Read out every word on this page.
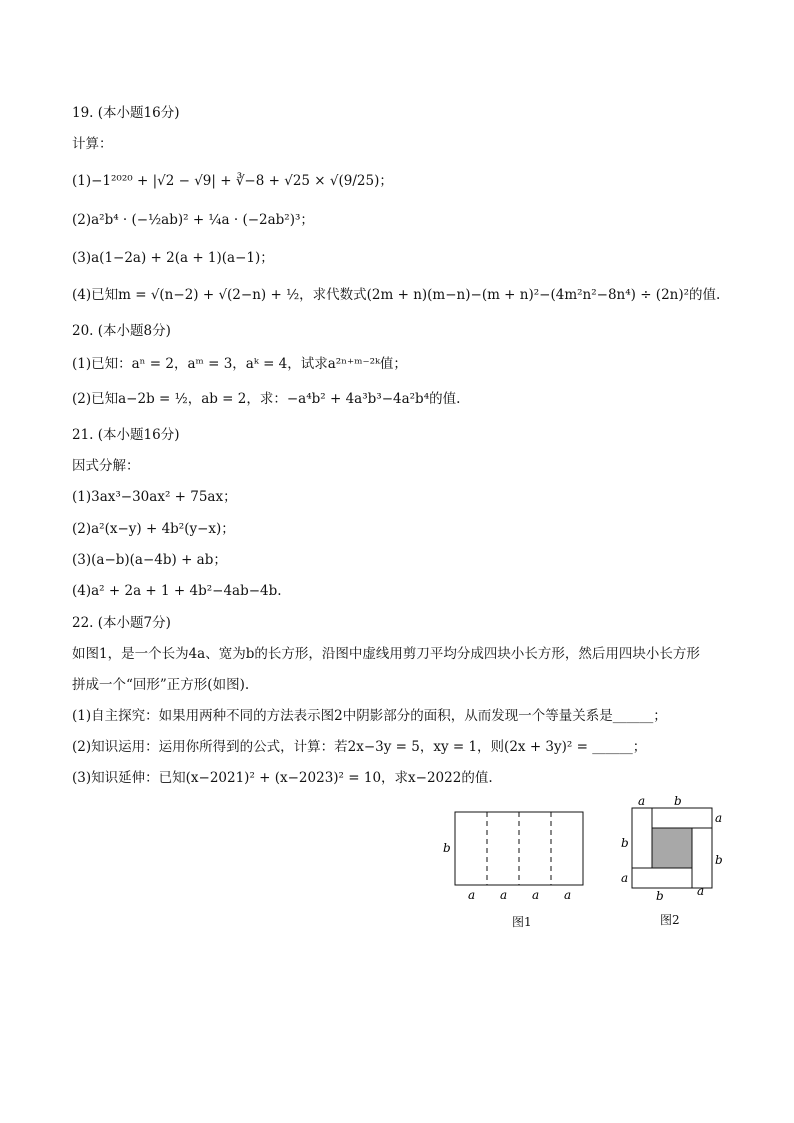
19. (本小题16分)
计算：
(1)−1²⁰²⁰ + |√2 − √9| + ∛−8 + √25 × √(9/25)；
(2)a²b⁴ · (−½ab)² + ¼a · (−2ab²)³；
(3)a(1−2a) + 2(a + 1)(a−1)；
(4)已知m = √(n−2) + √(2−n) + ½，求代数式(2m + n)(m−n)−(m + n)²−(4m²n²−8n⁴) ÷ (2n)²的值.
20. (本小题8分)
(1)已知：aⁿ = 2，aᵐ = 3，aᵏ = 4，试求a²ⁿ⁺ᵐ⁻²ᵏ值；
(2)已知a−2b = ½，ab = 2，求：−a⁴b² + 4a³b³−4a²b⁴的值.
21. (本小题16分)
因式分解：
(1)3ax³−30ax² + 75ax；
(2)a²(x−y) + 4b²(y−x)；
(3)(a−b)(a−4b) + ab；
(4)a² + 2a + 1 + 4b²−4ab−4b.
22. (本小题7分)
如图1，是一个长为4a、宽为b的长方形，沿图中虚线用剪刀平均分成四块小长方形，然后用四块小长方形
拼成一个“回形”正方形(如图).
(1)自主探究：如果用两种不同的方法表示图2中阴影部分的面积，从而发现一个等量关系是______；
(2)知识运用：运用你所得到的公式，计算：若2x−3y = 5，xy = 1，则(2x + 3y)² = ______；
(3)知识延伸：已知(x−2021)² + (x−2023)² = 10，求x−2022的值.
b
a a a a
图1
a b
a
b
b
a
b	a
图2
